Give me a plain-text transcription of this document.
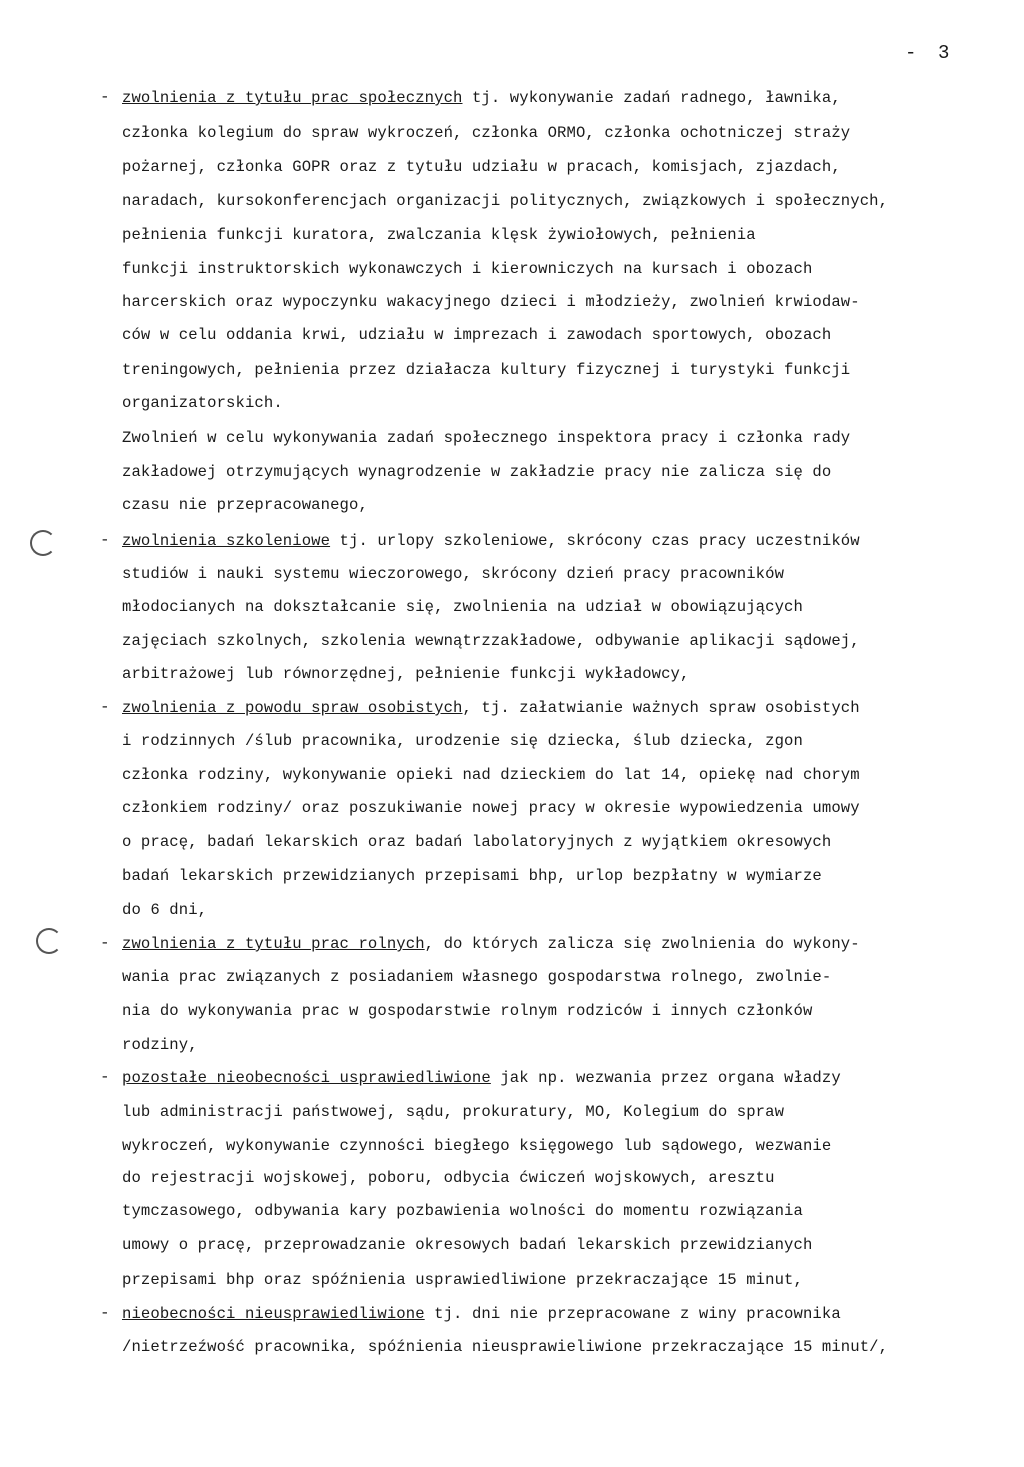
- 3
- zwolnienia z tytułu prac społecznych tj. wykonywanie zadań radnego, ławnika,
członka kolegium do spraw wykroczeń, członka ORMO, członka ochotniczej straży
pożarnej, członka GOPR oraz z tytułu udziału w pracach, komisjach, zjazdach,
naradach, kursokonferencjach organizacji politycznych, związkowych i społecznych,
pełnienia funkcji kuratora, zwalczania klęsk żywiołowych, pełnienia
funkcji instruktorskich wykonawczych i kierowniczych na kursach i obozach
harcerskich oraz wypoczynku wakacyjnego dzieci i młodzieży, zwolnień krwiodaw-
ców w celu oddania krwi, udziału w imprezach i zawodach sportowych, obozach
treningowych, pełnienia przez działacza kultury fizycznej i turystyki funkcji
organizatorskich.
Zwolnień w celu wykonywania zadań społecznego inspektora pracy i członka rady
zakładowej otrzymujących wynagrodzenie w zakładzie pracy nie zalicza się do
czasu nie przepracowanego,
- zwolnienia szkoleniowe tj. urlopy szkoleniowe, skrócony czas pracy uczestników
studiów i nauki systemu wieczorowego, skrócony dzień pracy pracowników
młodocianych na dokształcanie się, zwolnienia na udział w obowiązujących
zajęciach szkolnych, szkolenia wewnątrzzakładowe, odbywanie aplikacji sądowej,
arbitrażowej lub równorzędnej, pełnienie funkcji wykładowcy,
- zwolnienia z powodu spraw osobistych, tj. załatwianie ważnych spraw osobistych
i rodzinnych /ślub pracownika, urodzenie się dziecka, ślub dziecka, zgon
członka rodziny, wykonywanie opieki nad dzieckiem do lat 14, opiekę nad chorym
członkiem rodziny/ oraz poszukiwanie nowej pracy w okresie wypowiedzenia umowy
o pracę, badań lekarskich oraz badań labolatoryjnych z wyjątkiem okresowych
badań lekarskich przewidzianych przepisami bhp, urlop bezpłatny w wymiarze
do 6 dni,
- zwolnienia z tytułu prac rolnych, do których zalicza się zwolnienia do wykony-
wania prac związanych z posiadaniem własnego gospodarstwa rolnego, zwolnie-
nia do wykonywania prac w gospodarstwie rolnym rodziców i innych członków
rodziny,
- pozostałe nieobecności usprawiedliwione jak np. wezwania przez organa władzy
lub administracji państwowej, sądu, prokuratury, MO, Kolegium do spraw
wykroczeń, wykonywanie czynności biegłego księgowego lub sądowego, wezwanie
do rejestracji wojskowej, poboru, odbycia ćwiczeń wojskowych, aresztu
tymczasowego, odbywania kary pozbawienia wolności do momentu rozwiązania
umowy o pracę, przeprowadzanie okresowych badań lekarskich przewidzianych
przepisami bhp oraz spóźnienia usprawiedliwione przekraczające 15 minut,
- nieobecności nieusprawiedliwione tj. dni nie przepracowane z winy pracownika
/nietrzeźwość pracownika, spóźnienia nieusprawieliwione przekraczające 15 minut/,
